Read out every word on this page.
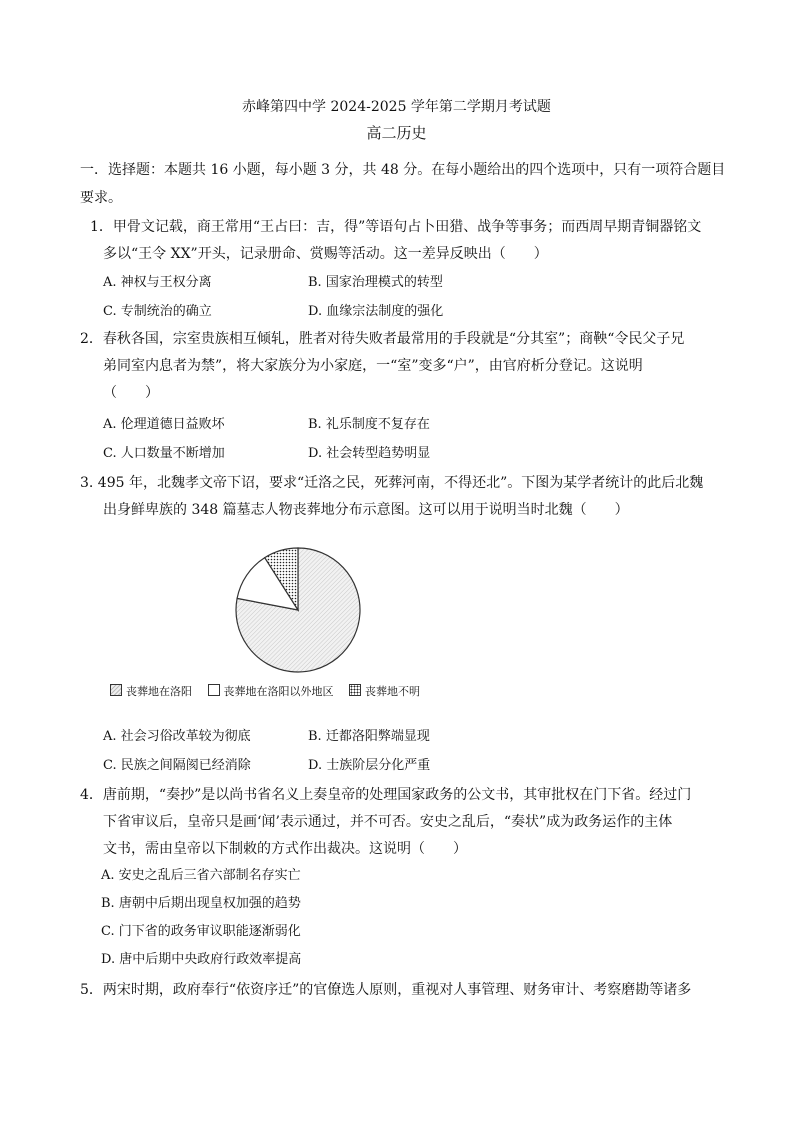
赤峰第四中学 2024-2025 学年第二学期月考试题
高二历史
一．选择题：本题共 16 小题，每小题 3 分，共 48 分。在每小题给出的四个选项中，只有一项符合题目
要求。
1．甲骨文记载，商王常用“王占曰：吉，得”等语句占卜田猎、战争等事务；而西周早期青铜器铭文
多以“王令 XX”开头，记录册命、赏赐等活动。这一差异反映出（　　）
A. 神权与王权分离	B. 国家治理模式的转型
C. 专制统治的确立	D. 血缘宗法制度的强化
2．春秋各国，宗室贵族相互倾轧，胜者对待失败者最常用的手段就是“分其室”；商鞅“令民父子兄
弟同室内息者为禁”，将大家族分为小家庭，一“室”变多“户”，由官府析分登记。这说明
（　　）
A. 伦理道德日益败坏	B. 礼乐制度不复存在
C. 人口数量不断增加	D. 社会转型趋势明显
3. 495 年，北魏孝文帝下诏，要求“迁洛之民，死葬河南，不得还北”。下图为某学者统计的此后北魏
出身鲜卑族的 348 篇墓志人物丧葬地分布示意图。这可以用于说明当时北魏（　　）
丧葬地在洛阳	丧葬地在洛阳以外地区	丧葬地不明
A. 社会习俗改革较为彻底	B. 迁都洛阳弊端显现
C. 民族之间隔阂已经消除	D. 士族阶层分化严重
4．唐前期，“奏抄”是以尚书省名义上奏皇帝的处理国家政务的公文书，其审批权在门下省。经过门
下省审议后，皇帝只是画‘闻’表示通过，并不可否。安史之乱后，“奏状”成为政务运作的主体
文书，需由皇帝以下制敕的方式作出裁决。这说明（　　）
A. 安史之乱后三省六部制名存实亡
B. 唐朝中后期出现皇权加强的趋势
C. 门下省的政务审议职能逐渐弱化
D. 唐中后期中央政府行政效率提高
5．两宋时期，政府奉行“依资序迁”的官僚选人原则，重视对人事管理、财务审计、考察磨勘等诸多
